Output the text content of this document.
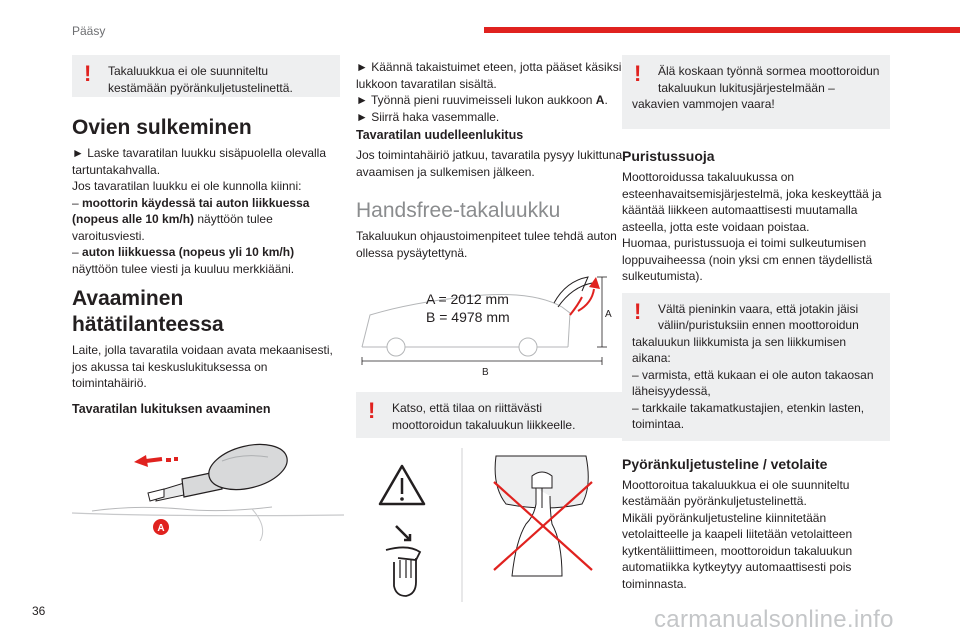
Pääsy
! Takaluukkua ei ole suunniteltu kestämään pyöränkuljetustelinettä.

Ovien sulkeminen

► Laske tavaratilan luukku sisäpuolella olevalla tartuntakahvalla.

Jos tavaratilan luukku ei ole kunnolla kiinni:

– moottorin käydessä tai auton liikkuessa (nopeus alle 10 km/h) näyttöön tulee varoitusviesti.

– auton liikkuessa (nopeus yli 10 km/h) näyttöön tulee viesti ja kuuluu merkkiääni.

Avaaminen hätätilanteessa

Laite, jolla tavaratila voidaan avata mekaanisesti, jos akussa tai keskuslukituksessa on toimintahäiriö.

Tavaratilan lukituksen avaaminen
A

► Käännä takaistuimet eteen, jotta pääset käsiksi lukkoon tavaratilan sisältä.

► Työnnä pieni ruuvimeisseli lukon aukkoon A.

► Siirrä haka vasemmalle.

Tavaratilan uudelleenlukitus

Jos toimintahäiriö jatkuu, tavaratila pysyy lukittuna avaamisen ja sulkemisen jälkeen.

Handsfree-takaluukku

Takaluukun ohjaustoimenpiteet tulee tehdä auton ollessa pysäytettynä.

A = 2012 mm
B = 4978 mm	A
B
! Katso, että tilaa on riittävästi moottoroidun takaluukun liikkeelle.

!	Älä koskaan työnnä sormea moottoroidun takaluukun lukitusjärjestelmään – vakavien vammojen vaara!

Puristussuoja

Moottoroidussa takaluukussa on esteenhavaitsemisjärjestelmä, joka keskeyttää ja kääntää liikkeen automaattisesti muutamalla asteella, jotta este voidaan poistaa.

Huomaa, puristussuoja ei toimi sulkeutumisen loppuvaiheessa (noin yksi cm ennen täydellistä sulkeutumista).

!	Vältä pieninkin vaara, että jotakin jäisi väliin/puristuksiin ennen moottoroidun takaluukun liikkumista ja sen liikkumisen aikana:

– varmista, että kukaan ei ole auton takaosan läheisyydessä,

– tarkkaile takamatkustajien, etenkin lasten, toimintaa.

Pyöränkuljetusteline / vetolaite

Moottoroitua takaluukkua ei ole suunniteltu kestämään pyöränkuljetustelinettä.

Mikäli pyöränkuljetusteline kiinnitetään vetolaitteelle ja kaapeli liitetään vetolaitteen kytkentäliittimeen, moottoroidun takaluukun automatiikka kytkeytyy automaattisesti pois toiminnasta.

36	carmanualsonline.info
